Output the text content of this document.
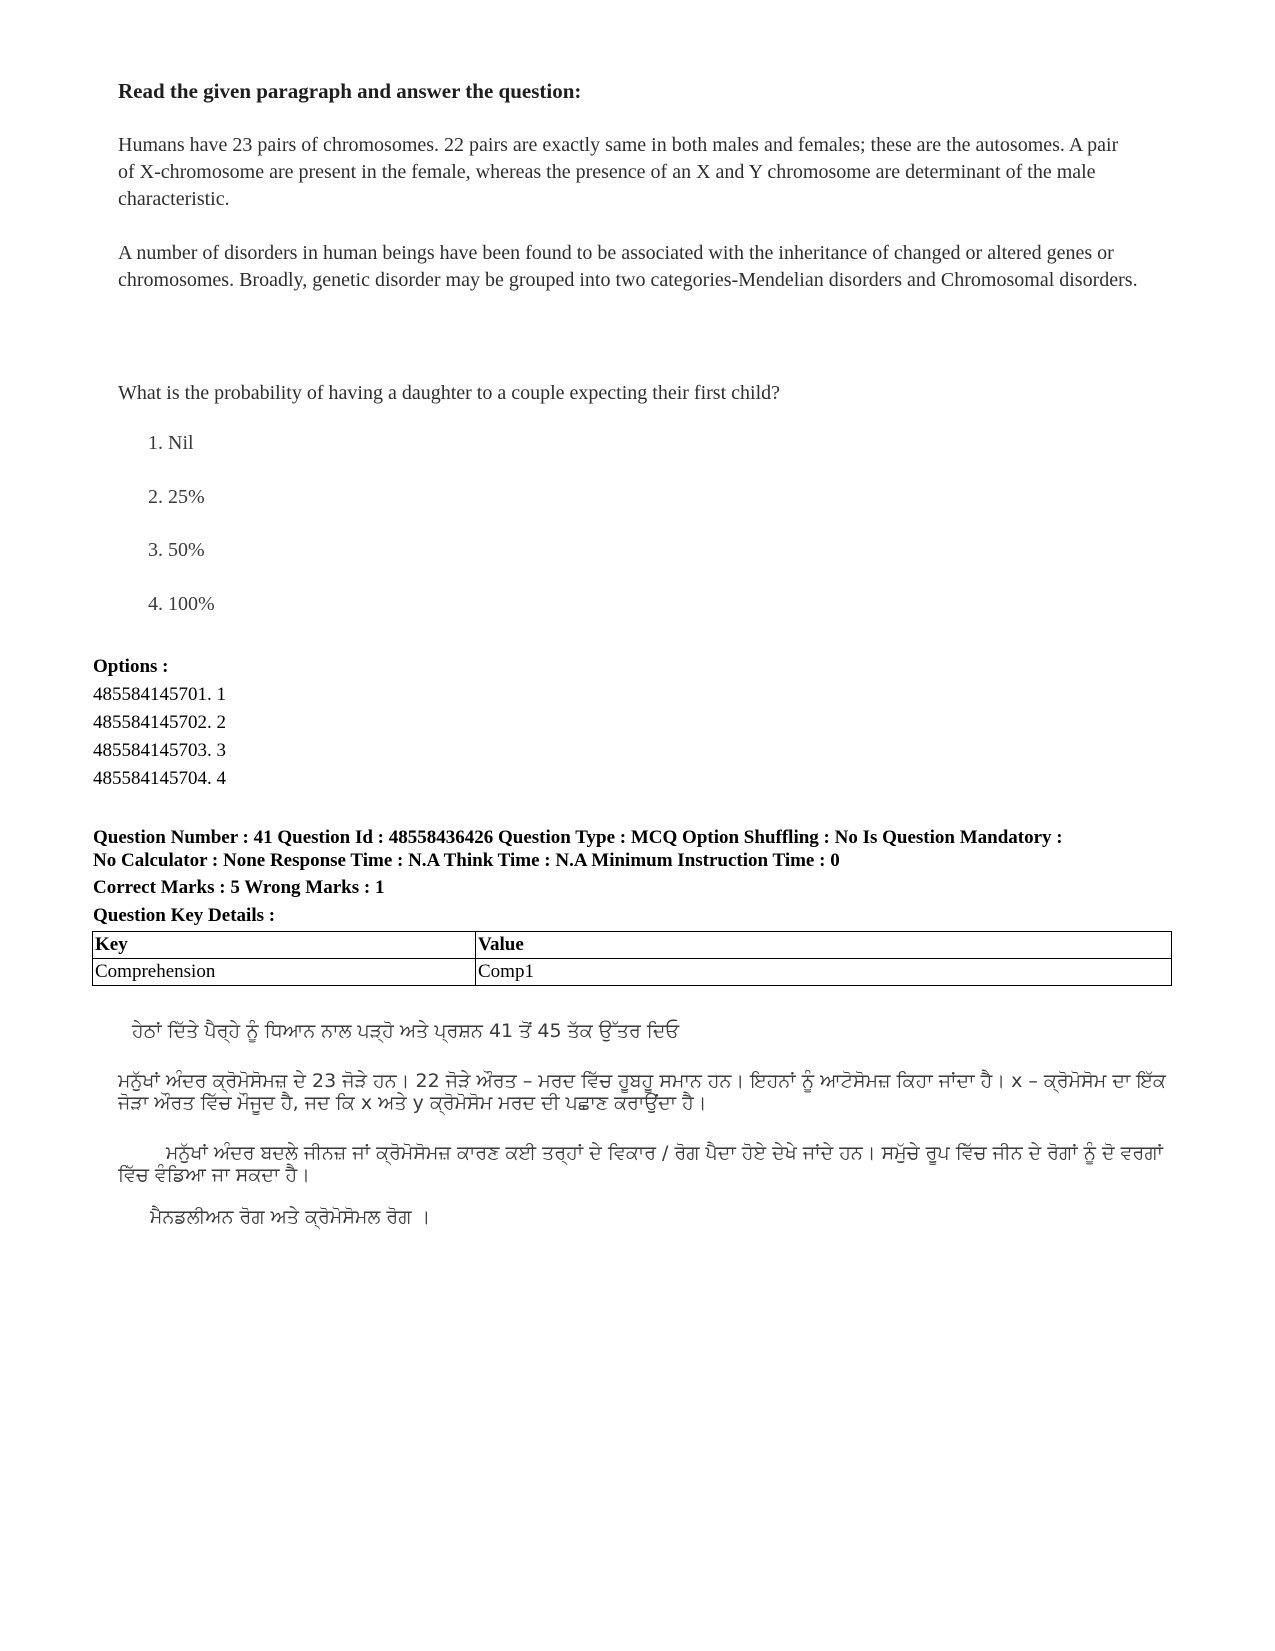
Read the given paragraph and answer the question:

Humans have 23 pairs of chromosomes. 22 pairs are exactly same in both males and females; these are the autosomes. A pair of X-chromosome are present in the female, whereas the presence of an X and Y chromosome are determinant of the male characteristic.

A number of disorders in human beings have been found to be associated with the inheritance of changed or altered genes or chromosomes. Broadly, genetic disorder may be grouped into two categories-Mendelian disorders and Chromosomal disorders.

What is the probability of having a daughter to a couple expecting their first child?

1. Nil
2. 25%
3. 50%
4. 100%
Options :
485584145701. 1
485584145702. 2
485584145703. 3
485584145704. 4
Question Number : 41 Question Id : 48558436426 Question Type : MCQ Option Shuffling : No Is Question Mandatory :
No Calculator : None Response Time : N.A Think Time : N.A Minimum Instruction Time : 0
Correct Marks : 5 Wrong Marks : 1
Question Key Details :
Key	Value
Comprehension	Comp1

ਹੇਠਾਂ ਦਿੱਤੇ ਪੈਰ੍ਹੇ ਨੂੰ ਧਿਆਨ ਨਾਲ ਪੜ੍ਹੋ ਅਤੇ ਪ੍ਰਸ਼ਨ 41 ਤੋਂ 45 ਤੱਕ ਉੱਤਰ ਦਿਓ

ਮਨੁੱਖਾਂ ਅੰਦਰ ਕ੍ਰੋਮੋਸੋਮਜ਼ ਦੇ 23 ਜੋੜੇ ਹਨ। 22 ਜੋੜੇ ਔਰਤ – ਮਰਦ ਵਿੱਚ ਹੂਬਹੂ ਸਮਾਨ ਹਨ। ਇਹਨਾਂ ਨੂੰ ਆਟੋਸੋਮਜ਼ ਕਿਹਾ ਜਾਂਦਾ ਹੈ। x – ਕ੍ਰੋਮੋਸੋਮ ਦਾ ਇੱਕ ਜੋੜਾ ਔਰਤ ਵਿੱਚ ਮੌਜੂਦ ਹੈ, ਜਦ ਕਿ x ਅਤੇ y ਕ੍ਰੋਮੋਸੋਮ ਮਰਦ ਦੀ ਪਛਾਣ ਕਰਾਉਂਦਾ ਹੈ।

ਮਨੁੱਖਾਂ ਅੰਦਰ ਬਦਲੇ ਜੀਨਜ਼ ਜਾਂ ਕ੍ਰੋਮੋਸੋਮਜ਼ ਕਾਰਣ ਕਈ ਤਰ੍ਹਾਂ ਦੇ ਵਿਕਾਰ / ਰੋਗ ਪੈਦਾ ਹੋਏ ਦੇਖੇ ਜਾਂਦੇ ਹਨ। ਸਮੁੱਚੇ ਰੂਪ ਵਿੱਚ ਜੀਨ ਦੇ ਰੋਗਾਂ ਨੂੰ ਦੋ ਵਰਗਾਂ ਵਿੱਚ ਵੰਡਿਆ ਜਾ ਸਕਦਾ ਹੈ।

ਮੈਨਡਲੀਅਨ ਰੋਗ ਅਤੇ ਕ੍ਰੋਮੋਸੋਮਲ ਰੋਗ ।
